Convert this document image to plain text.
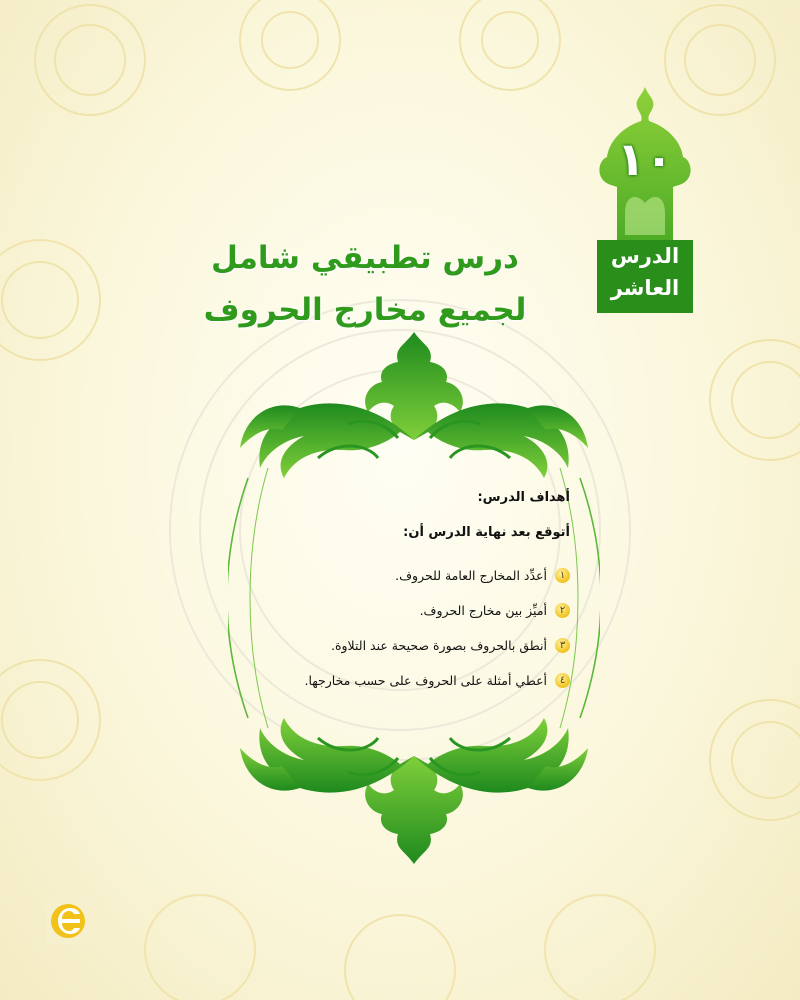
١٠
الدرس
العاشر
درس تطبيقي شامل
لجميع مخارج الحروف
أهداف الدرس:
أتوقع بعد نهاية الدرس أن:
١
أعدِّد المخارج العامة للحروف.
٢
أميِّز بين مخارج الحروف.
٣
أنطق بالحروف بصورة صحيحة عند التلاوة.
٤
أعطي أمثلة على الحروف على حسب مخارجها.
